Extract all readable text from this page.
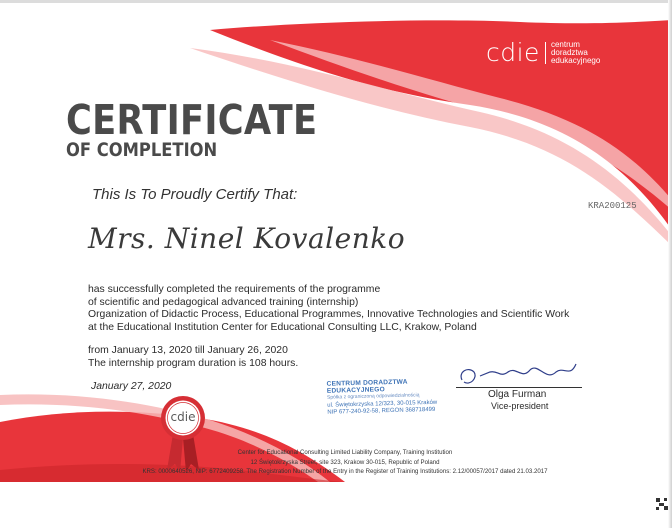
cdie centrum
doradztwa
edukacyjnego
CERTIFICATE
OF COMPLETION
This Is To Proudly Certify That:
KRA200125
Mrs. Ninel Kovalenko
has successfully completed the requirements of the programme
of scientific and pedagogical advanced training (internship)
Organization of Didactic Process, Educational Programmes, Innovative Technologies and Scientific Work
at the Educational Institution Center for Educational Consulting LLC, Krakow, Poland
from January 13, 2020 till January 26, 2020
The internship program duration is 108 hours.
January 27, 2020	CENTRUM DORADZTWA EDUKACYJNEGO
Spółka z ograniczoną odpowiedzialnością
ul. Świętokrzyska 12/323, 30-015 Kraków
NIP 677-240-92-58, REGON 368718499
Olga Furman
Vice-president
cdie
Center for Educational Consulting Limited Liability Company, Training Institution
12 Świętokrzyska Street, site 323, Krakow 30-015, Republic of Poland
KRS: 0000640526, NIP: 6772409258. The Registration Number of the Entry in the Register of Training Institutions: 2.12/00057/2017 dated 21.03.2017
